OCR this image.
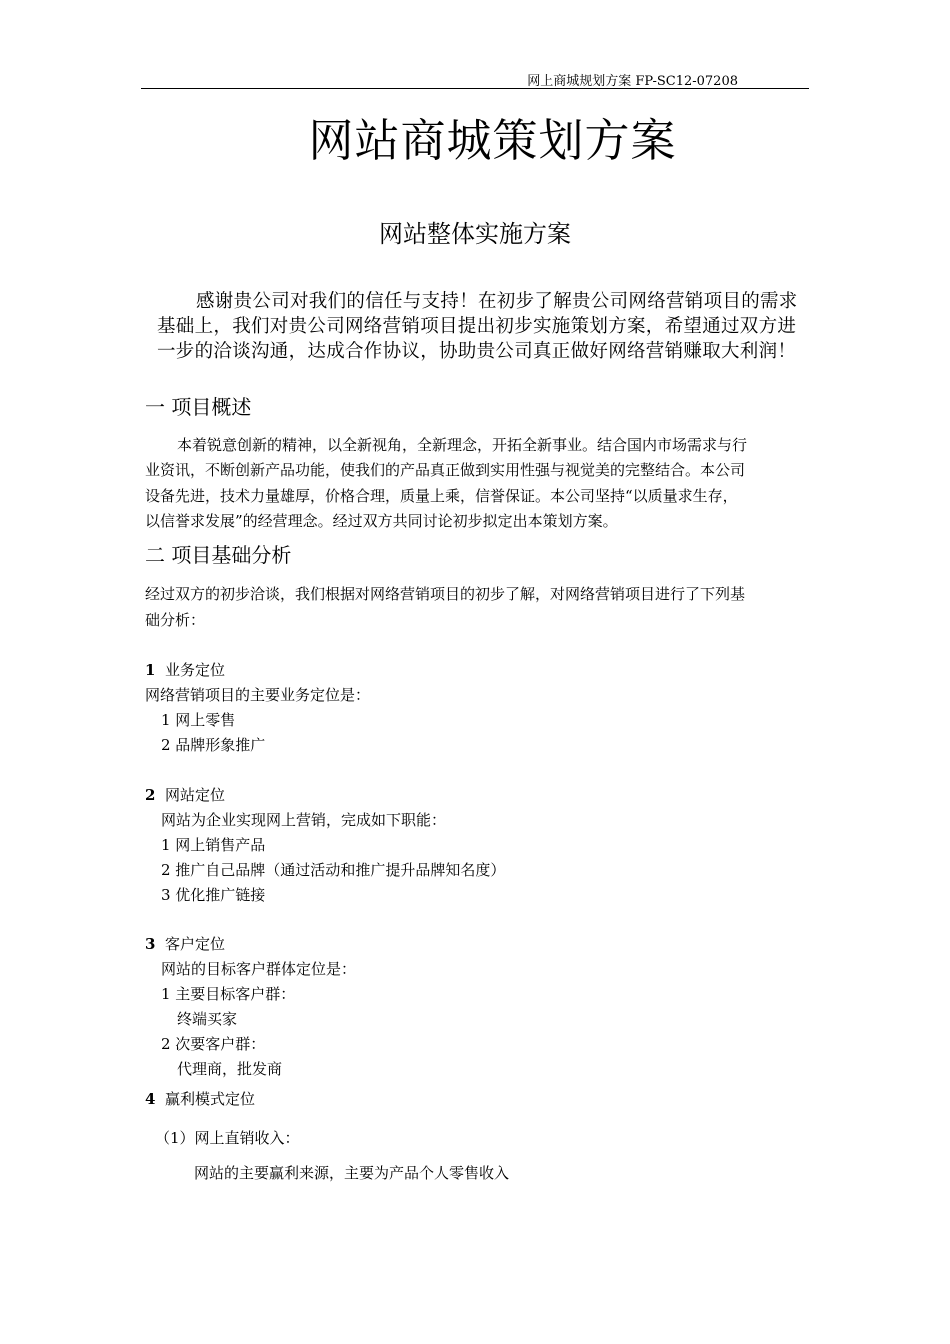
网上商城规划方案 FP-SC12-07208
网站商城策划方案
网站整体实施方案
感谢贵公司对我们的信任与支持！在初步了解贵公司网络营销项目的需求
基础上，我们对贵公司网络营销项目提出初步实施策划方案，希望通过双方进
一步的洽谈沟通，达成合作协议，协助贵公司真正做好网络营销赚取大利润！
一 项目概述
本着锐意创新的精神，以全新视角，全新理念，开拓全新事业。结合国内市场需求与行
业资讯，不断创新产品功能，使我们的产品真正做到实用性强与视觉美的完整结合。本公司
设备先进，技术力量雄厚，价格合理，质量上乘，信誉保证。本公司坚持“以质量求生存，
以信誉求发展”的经营理念。经过双方共同讨论初步拟定出本策划方案。
二 项目基础分析
经过双方的初步洽谈，我们根据对网络营销项目的初步了解，对网络营销项目进行了下列基
础分析：
1 业务定位
网络营销项目的主要业务定位是：
1 网上零售
2 品牌形象推广
2 网站定位
网站为企业实现网上营销，完成如下职能：
1 网上销售产品
2 推广自己品牌（通过活动和推广提升品牌知名度）
3 优化推广链接
3 客户定位
网站的目标客户群体定位是：
1 主要目标客户群：
终端买家
2 次要客户群：
代理商，批发商
4 赢利模式定位
（1）网上直销收入：
网站的主要赢利来源，主要为产品个人零售收入
